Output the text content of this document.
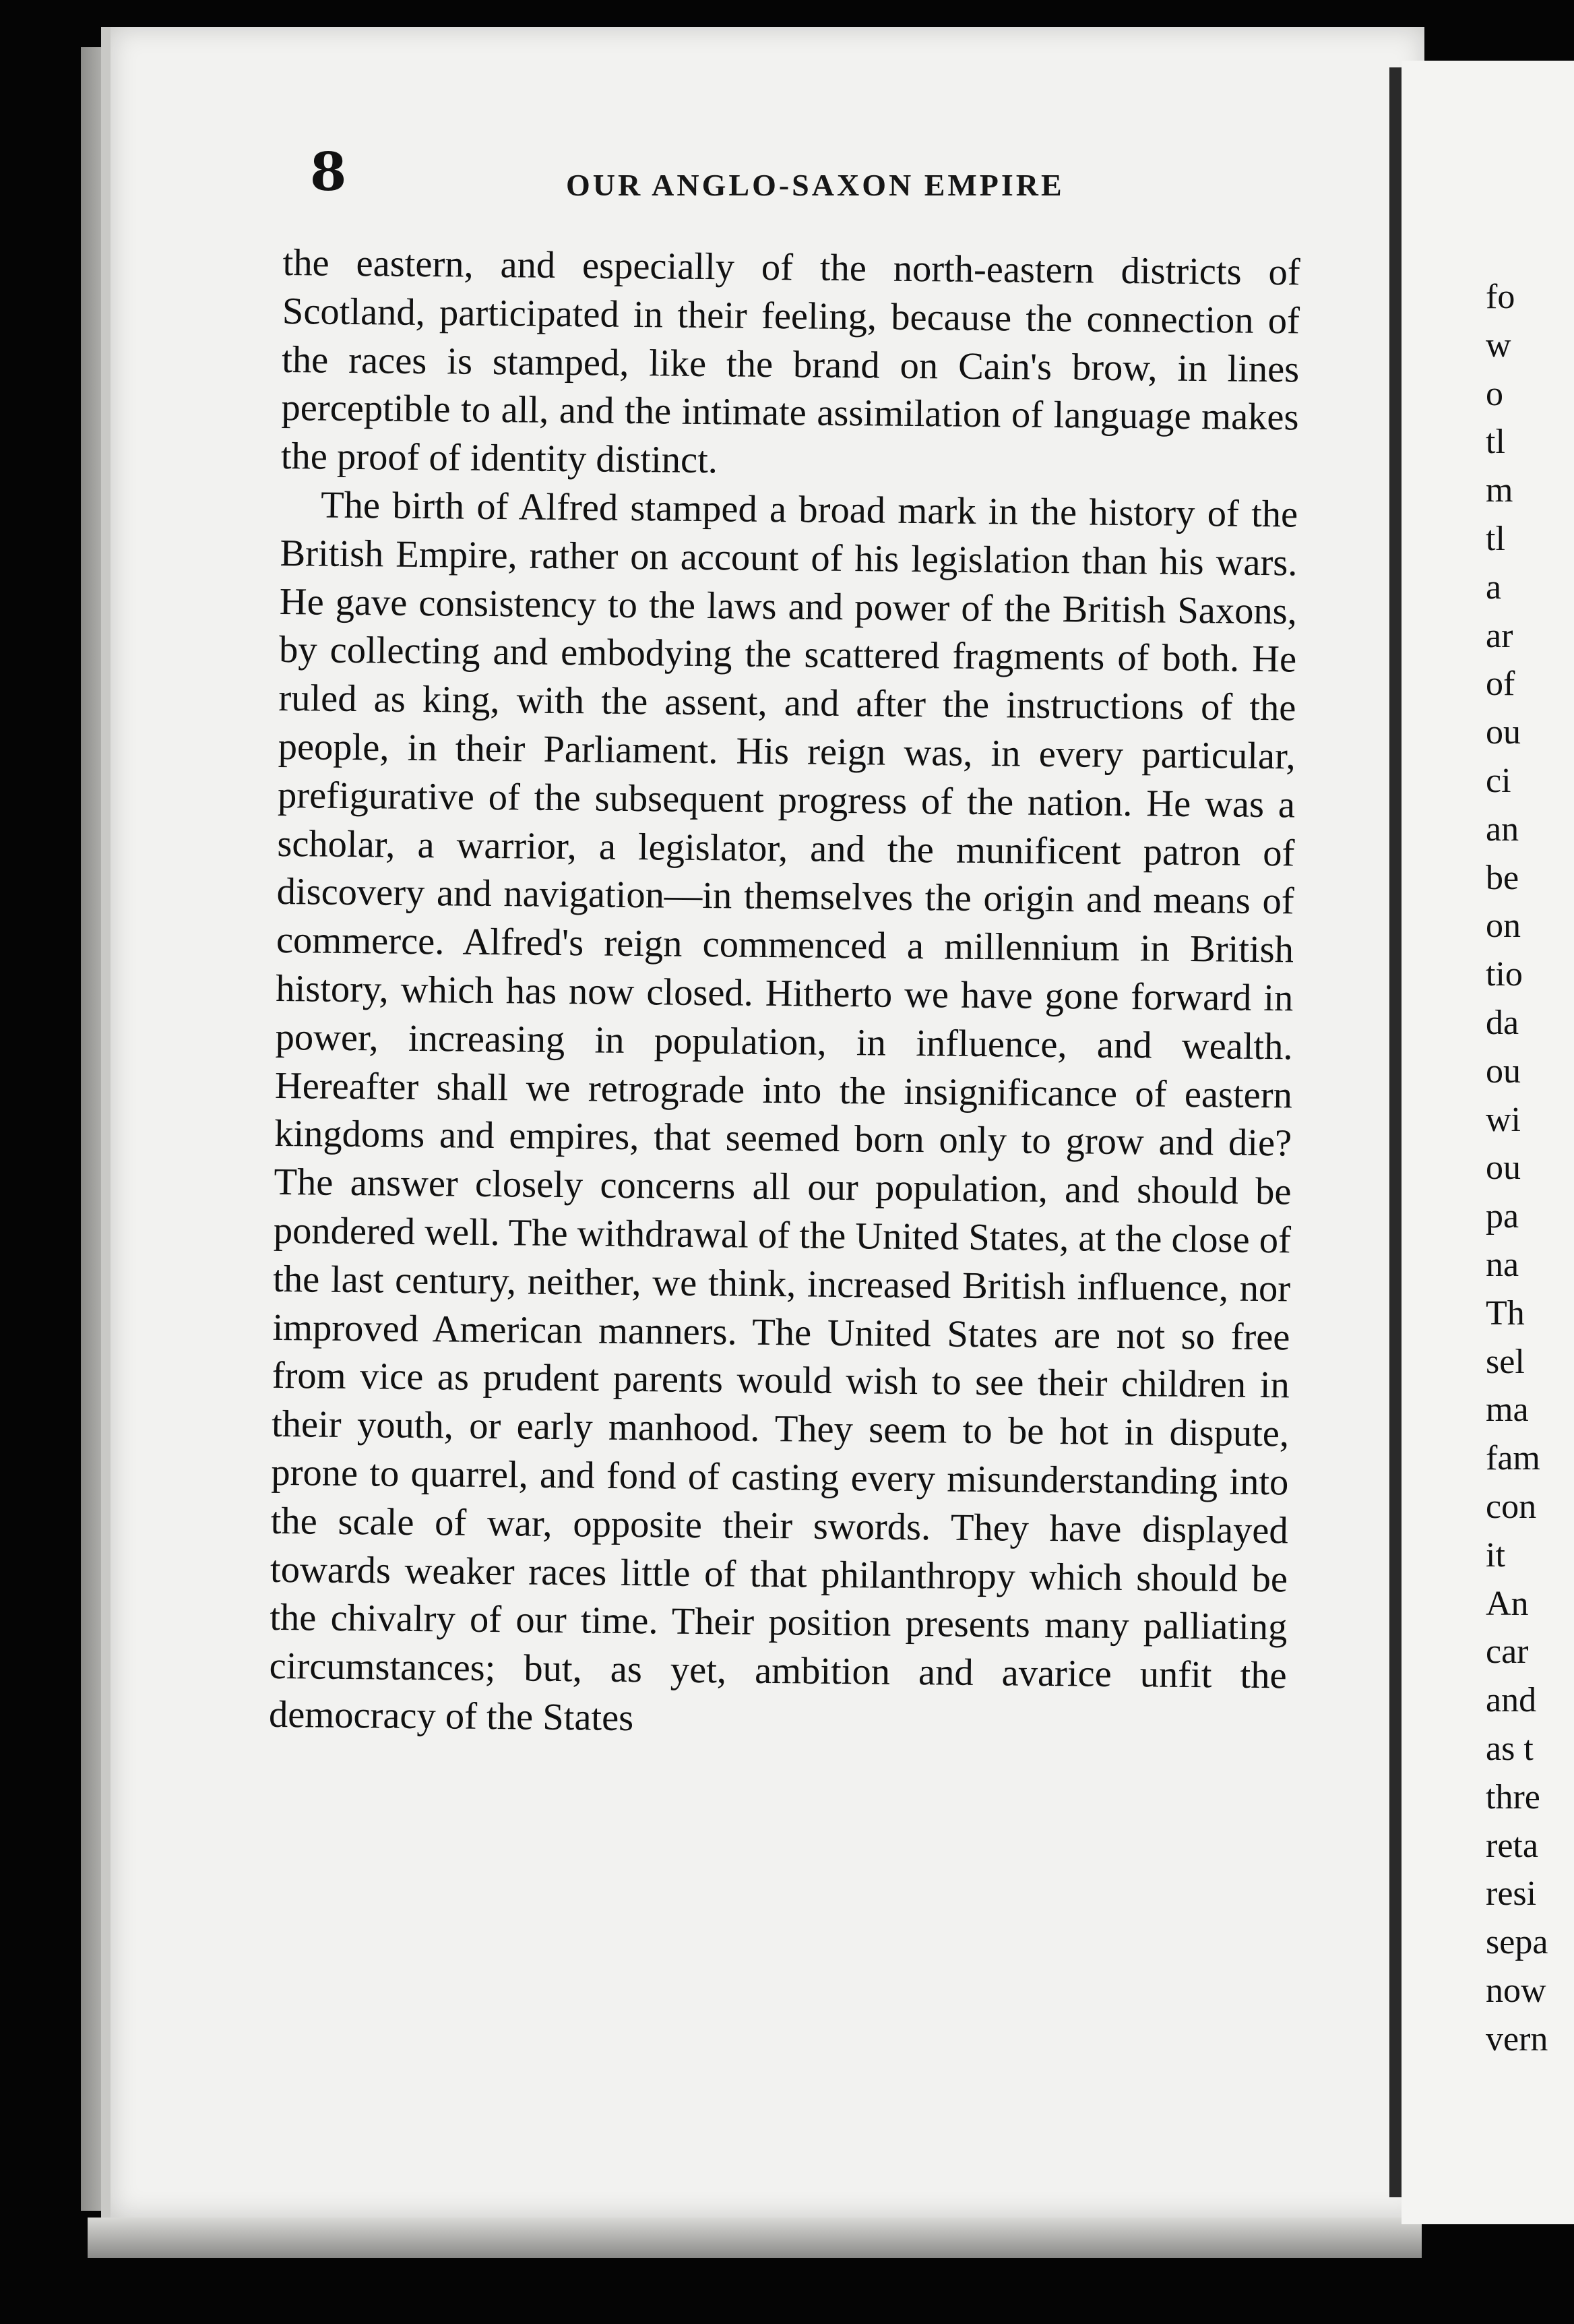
8	OUR ANGLO-SAXON EMPIRE

the eastern, and especially of the north-eastern districts of Scotland, participated in their feeling, because the connection of the races is stamped, like the brand on Cain's brow, in lines perceptible to all, and the intimate assimilation of language makes the proof of identity distinct.

The birth of Alfred stamped a broad mark in the history of the British Empire, rather on account of his legislation than his wars. He gave consistency to the laws and power of the British Saxons, by collecting and embodying the scattered fragments of both. He ruled as king, with the assent, and after the instructions of the people, in their Parliament. His reign was, in every particular, prefigurative of the subsequent progress of the nation. He was a scholar, a warrior, a legislator, and the munificent patron of discovery and navigation—in themselves the origin and means of commerce. Alfred's reign commenced a millennium in British history, which has now closed. Hitherto we have gone forward in power, increasing in population, in influence, and wealth. Hereafter shall we retrograde into the insignificance of eastern kingdoms and empires, that seemed born only to grow and die? The answer closely concerns all our population, and should be pondered well. The withdrawal of the United States, at the close of the last century, neither, we think, increased British influence, nor improved American manners. The United States are not so free from vice as prudent parents would wish to see their children in their youth, or early manhood. They seem to be hot in dispute, prone to quarrel, and fond of casting every misunderstanding into the scale of war, opposite their swords. They have displayed towards weaker races little of that philanthropy which should be the chivalry of our time. Their position presents many palliating circumstances; but, as yet, ambition and avarice unfit the democracy of the States

fo
w
o
tl
m
tl
a
ar
of
ou
ci
an
be
on
tio
da
ou
wi
ou
pa
na
Th
sel
ma
fam
con
it
An
car
and
as t
thre
reta
resi
sepa
now
vern
